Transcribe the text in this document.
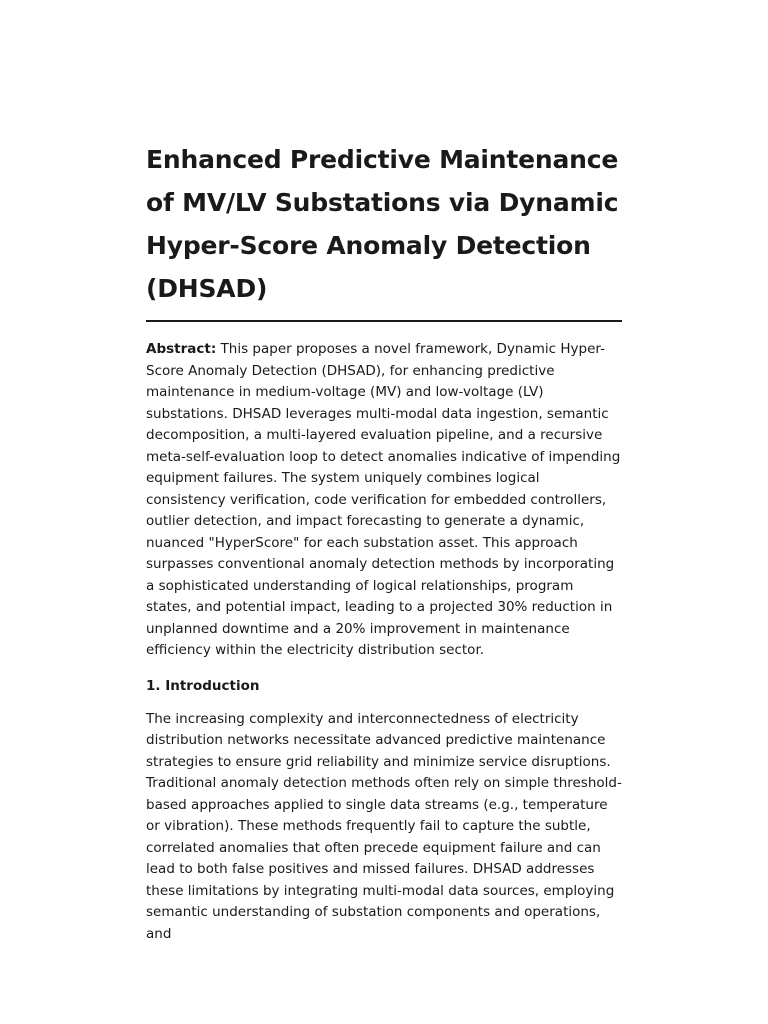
Enhanced Predictive Maintenance of MV/LV Substations via Dynamic Hyper-Score Anomaly Detection (DHSAD)

Abstract: This paper proposes a novel framework, Dynamic Hyper-Score Anomaly Detection (DHSAD), for enhancing predictive maintenance in medium-voltage (MV) and low-voltage (LV) substations. DHSAD leverages multi-modal data ingestion, semantic decomposition, a multi-layered evaluation pipeline, and a recursive meta-self-evaluation loop to detect anomalies indicative of impending equipment failures. The system uniquely combines logical consistency verification, code verification for embedded controllers, outlier detection, and impact forecasting to generate a dynamic, nuanced "HyperScore" for each substation asset. This approach surpasses conventional anomaly detection methods by incorporating a sophisticated understanding of logical relationships, program states, and potential impact, leading to a projected 30% reduction in unplanned downtime and a 20% improvement in maintenance efficiency within the electricity distribution sector.

1. Introduction

The increasing complexity and interconnectedness of electricity distribution networks necessitate advanced predictive maintenance strategies to ensure grid reliability and minimize service disruptions. Traditional anomaly detection methods often rely on simple threshold-based approaches applied to single data streams (e.g., temperature or vibration). These methods frequently fail to capture the subtle, correlated anomalies that often precede equipment failure and can lead to both false positives and missed failures. DHSAD addresses these limitations by integrating multi-modal data sources, employing semantic understanding of substation components and operations, and
